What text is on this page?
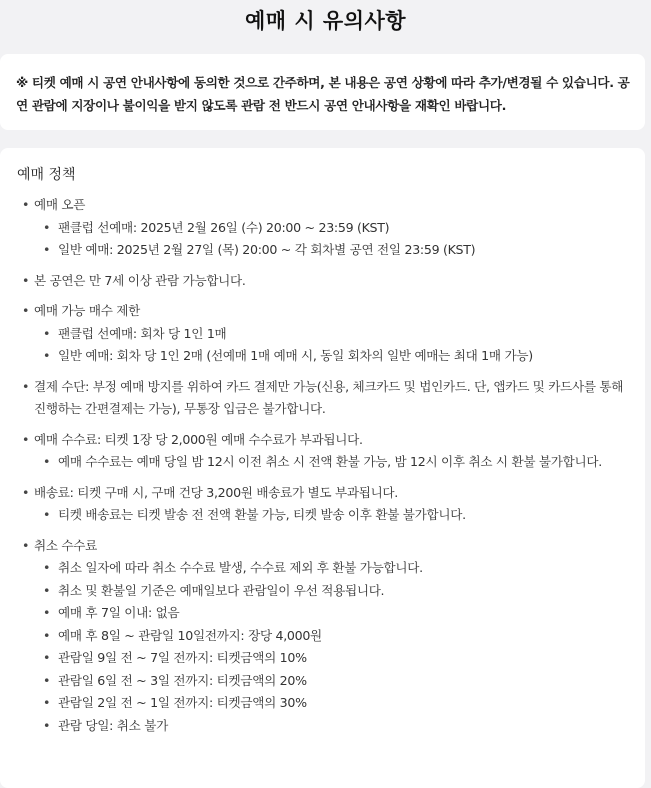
예매 시 유의사항

※ 티켓 예매 시 공연 안내사항에 동의한 것으로 간주하며, 본 내용은 공연 상황에 따라 추가/변경될 수 있습니다. 공연 관람에 지장이나 불이익을 받지 않도록 관람 전 반드시 공연 안내사항을 재확인 바랍니다.

예매 정책
• 예매 오픈
• 팬클럽 선예매: 2025년 2월 26일 (수) 20:00 ~ 23:59 (KST)
• 일반 예매: 2025년 2월 27일 (목) 20:00 ~ 각 회차별 공연 전일 23:59 (KST)
• 본 공연은 만 7세 이상 관람 가능합니다.
• 예매 가능 매수 제한
• 팬클럽 선예매: 회차 당 1인 1매
• 일반 예매: 회차 당 1인 2매 (선예매 1매 예매 시, 동일 회차의 일반 예매는 최대 1매 가능)
• 결제 수단: 부정 예매 방지를 위하여 카드 결제만 가능(신용, 체크카드 및 법인카드. 단, 앱카드 및 카드사를 통해 진행하는 간편결제는 가능), 무통장 입금은 불가합니다.
• 예매 수수료: 티켓 1장 당 2,000원 예매 수수료가 부과됩니다.
• 예매 수수료는 예매 당일 밤 12시 이전 취소 시 전액 환불 가능, 밤 12시 이후 취소 시 환불 불가합니다.
• 배송료: 티켓 구매 시, 구매 건당 3,200원 배송료가 별도 부과됩니다.
• 티켓 배송료는 티켓 발송 전 전액 환불 가능, 티켓 발송 이후 환불 불가합니다.
• 취소 수수료
• 취소 일자에 따라 취소 수수료 발생, 수수료 제외 후 환불 가능합니다.
• 취소 및 환불일 기준은 예매일보다 관람일이 우선 적용됩니다.
• 예매 후 7일 이내: 없음
• 예매 후 8일 ~ 관람일 10일전까지: 장당 4,000원
• 관람일 9일 전 ~ 7일 전까지: 티켓금액의 10%
• 관람일 6일 전 ~ 3일 전까지: 티켓금액의 20%
• 관람일 2일 전 ~ 1일 전까지: 티켓금액의 30%
• 관람 당일: 취소 불가
